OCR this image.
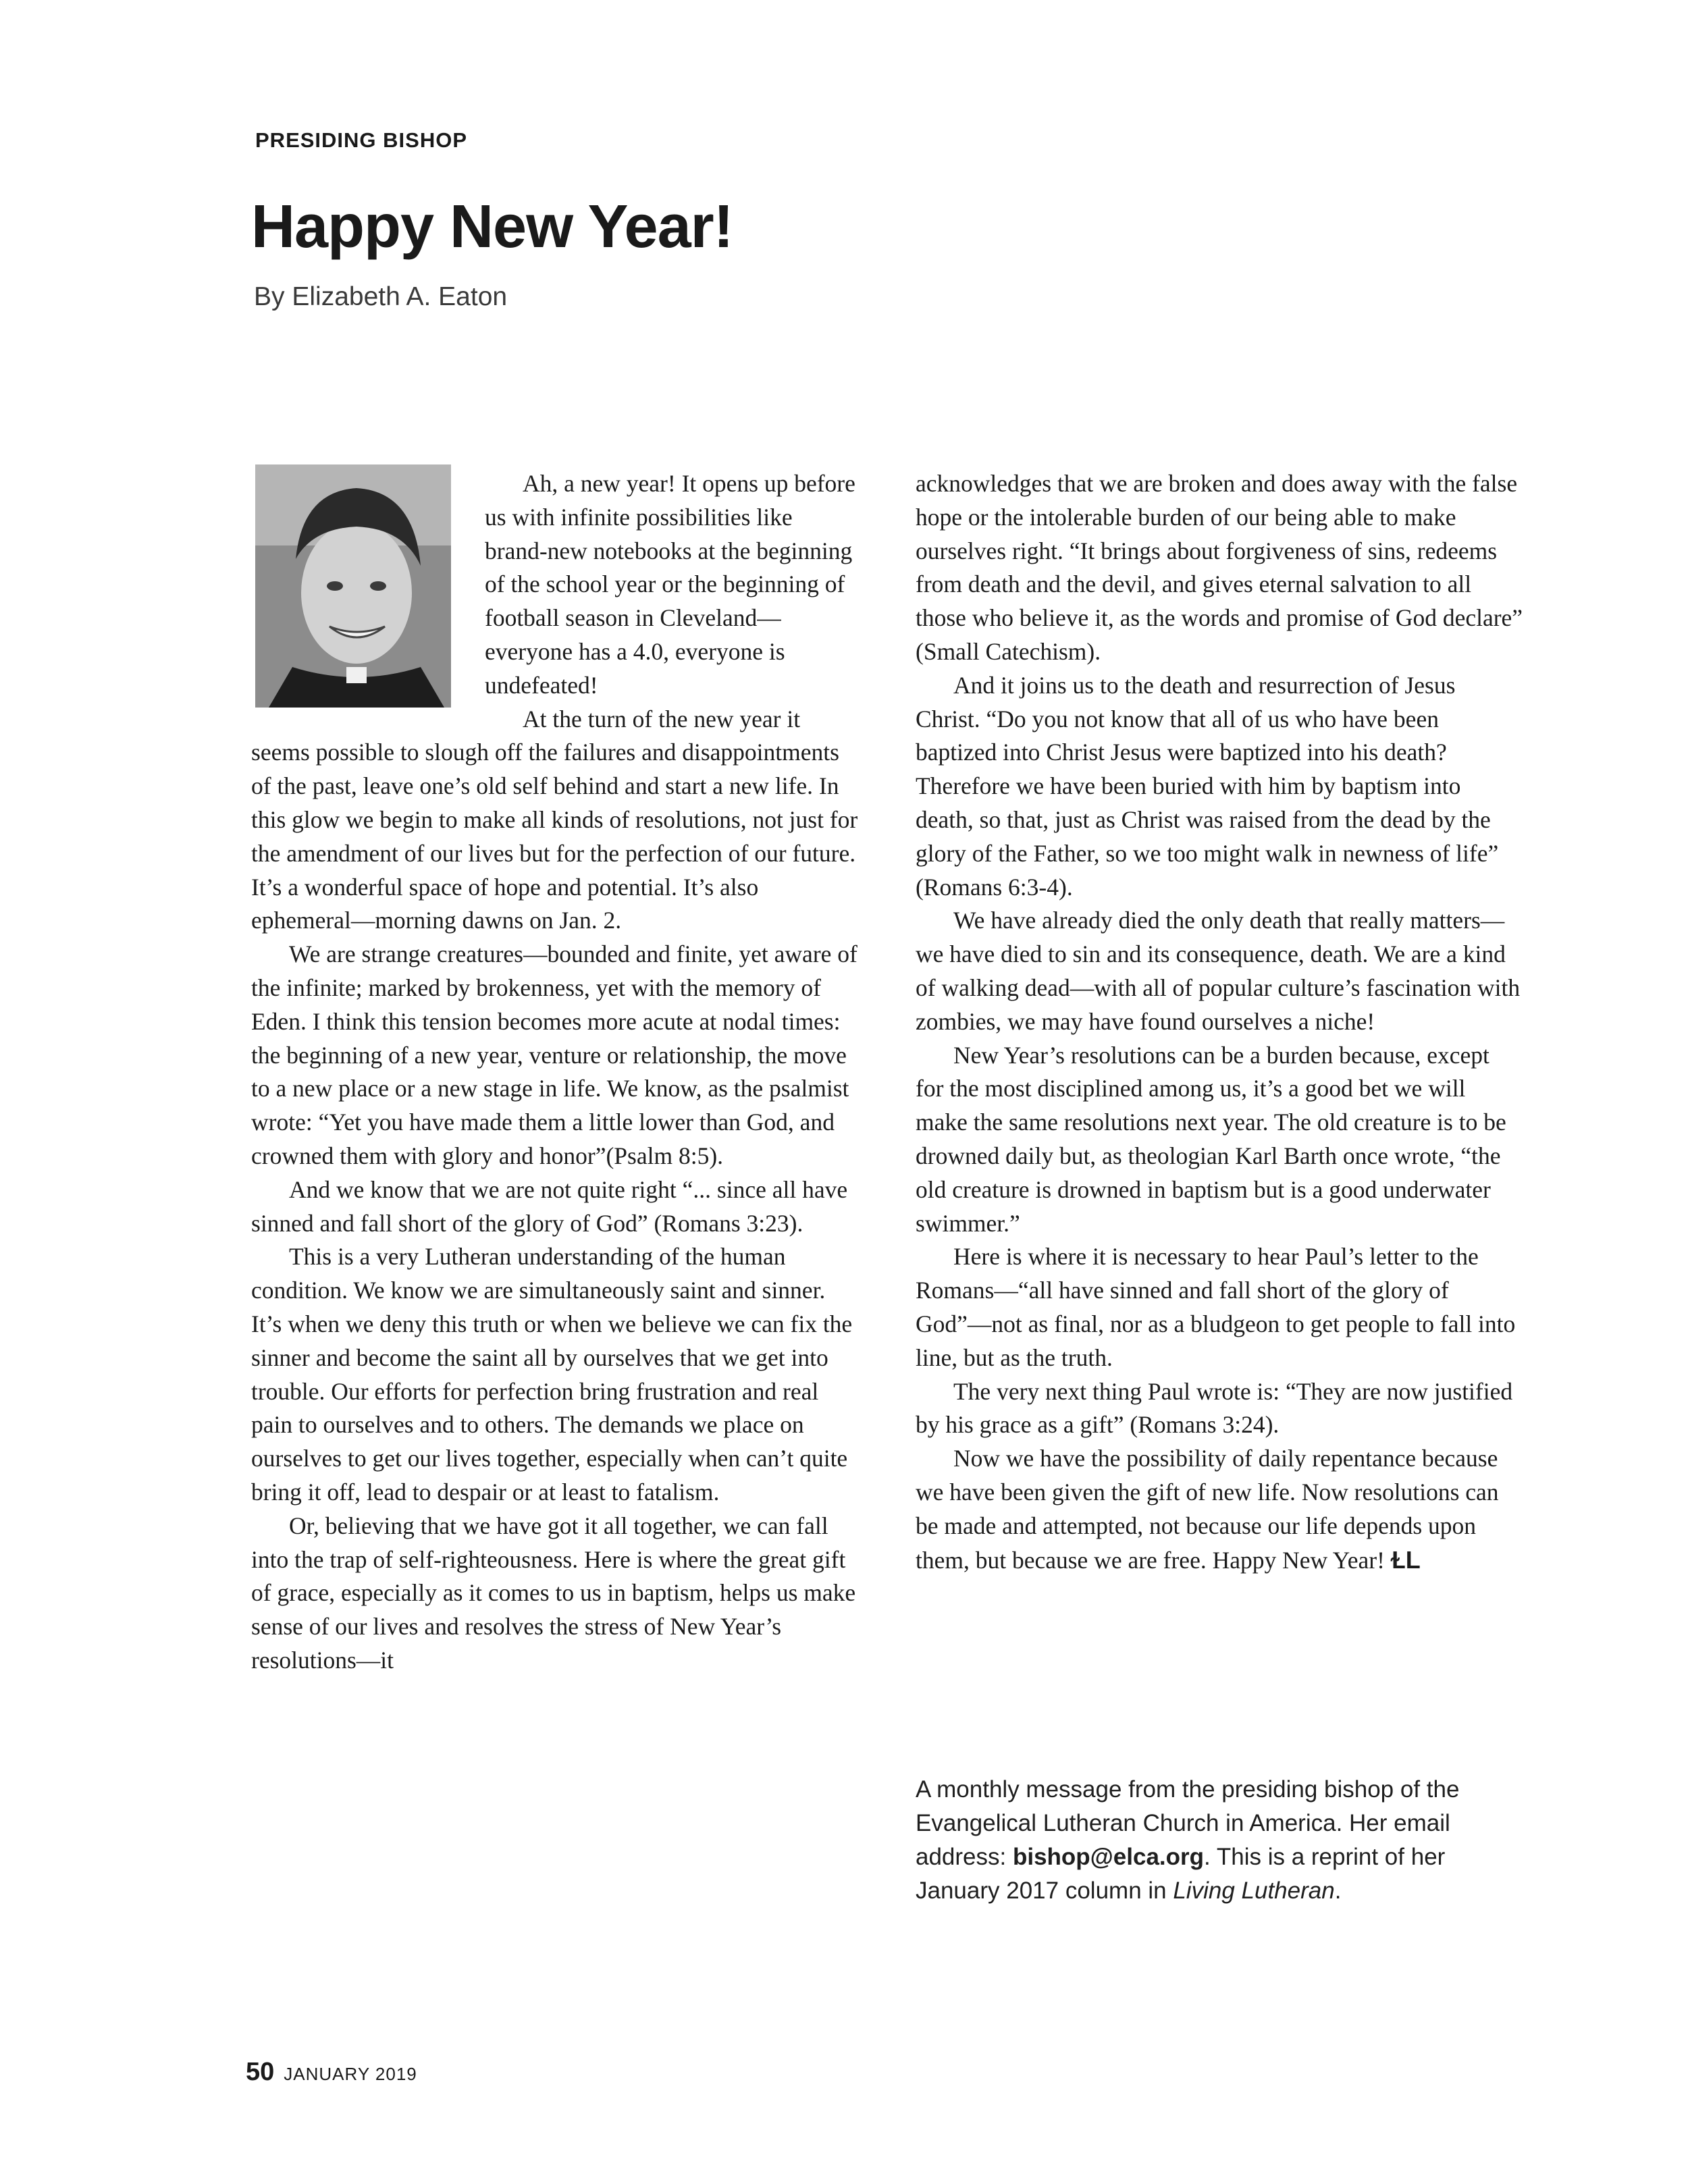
PRESIDING BISHOP
Happy New Year!
By Elizabeth A. Eaton

Ah, a new year! It opens up before us with infinite possibilities like brand-new notebooks at the beginning of the school year or the beginning of football season in Cleveland—everyone has a 4.0, everyone is undefeated!

At the turn of the new year it seems possible to slough off the failures and disappointments of the past, leave one’s old self behind and start a new life. In this glow we begin to make all kinds of resolutions, not just for the amendment of our lives but for the perfection of our future. It’s a wonderful space of hope and potential. It’s also ephemeral—morning dawns on Jan. 2.

We are strange creatures—bounded and finite, yet aware of the infinite; marked by brokenness, yet with the memory of Eden. I think this tension becomes more acute at nodal times: the beginning of a new year, venture or relationship, the move to a new place or a new stage in life. We know, as the psalmist wrote: “Yet you have made them a little lower than God, and crowned them with glory and honor”(Psalm 8:5).

And we know that we are not quite right “... since all have sinned and fall short of the glory of God” (Romans 3:23).

This is a very Lutheran understanding of the human condition. We know we are simultaneously saint and sinner. It’s when we deny this truth or when we believe we can fix the sinner and become the saint all by ourselves that we get into trouble. Our efforts for perfection bring frustration and real pain to ourselves and to others. The demands we place on ourselves to get our lives together, especially when can’t quite bring it off, lead to despair or at least to fatalism.

Or, believing that we have got it all together, we can fall into the trap of self-righteousness. Here is where the great gift of grace, especially as it comes to us in baptism, helps us make sense of our lives and resolves the stress of New Year’s resolutions—it

acknowledges that we are broken and does away with the false hope or the intolerable burden of our being able to make ourselves right. “It brings about forgiveness of sins, redeems from death and the devil, and gives eternal salvation to all those who believe it, as the words and promise of God declare” (Small Catechism).

And it joins us to the death and resurrection of Jesus Christ. “Do you not know that all of us who have been baptized into Christ Jesus were baptized into his death? Therefore we have been buried with him by baptism into death, so that, just as Christ was raised from the dead by the glory of the Father, so we too might walk in newness of life” (Romans 6:3-4).

We have already died the only death that really matters—we have died to sin and its consequence, death. We are a kind of walking dead—with all of popular culture’s fascination with zombies, we may have found ourselves a niche!

New Year’s resolutions can be a burden because, except for the most disciplined among us, it’s a good bet we will make the same resolutions next year. The old creature is to be drowned daily but, as theologian Karl Barth once wrote, “the old creature is drowned in baptism but is a good underwater swimmer.”

Here is where it is necessary to hear Paul’s letter to the Romans—“all have sinned and fall short of the glory of God”—not as final, nor as a bludgeon to get people to fall into line, but as the truth.

The very next thing Paul wrote is: “They are now justified by his grace as a gift” (Romans 3:24).

Now we have the possibility of daily repentance because we have been given the gift of new life. Now resolutions can be made and attempted, not because our life depends upon them, but because we are free. Happy New Year! ⱢL

A monthly message from the presiding bishop of the Evangelical Lutheran Church in America. Her email address: bishop@elca.org. This is a reprint of her January 2017 column in Living Lutheran.
50 JANUARY 2019
